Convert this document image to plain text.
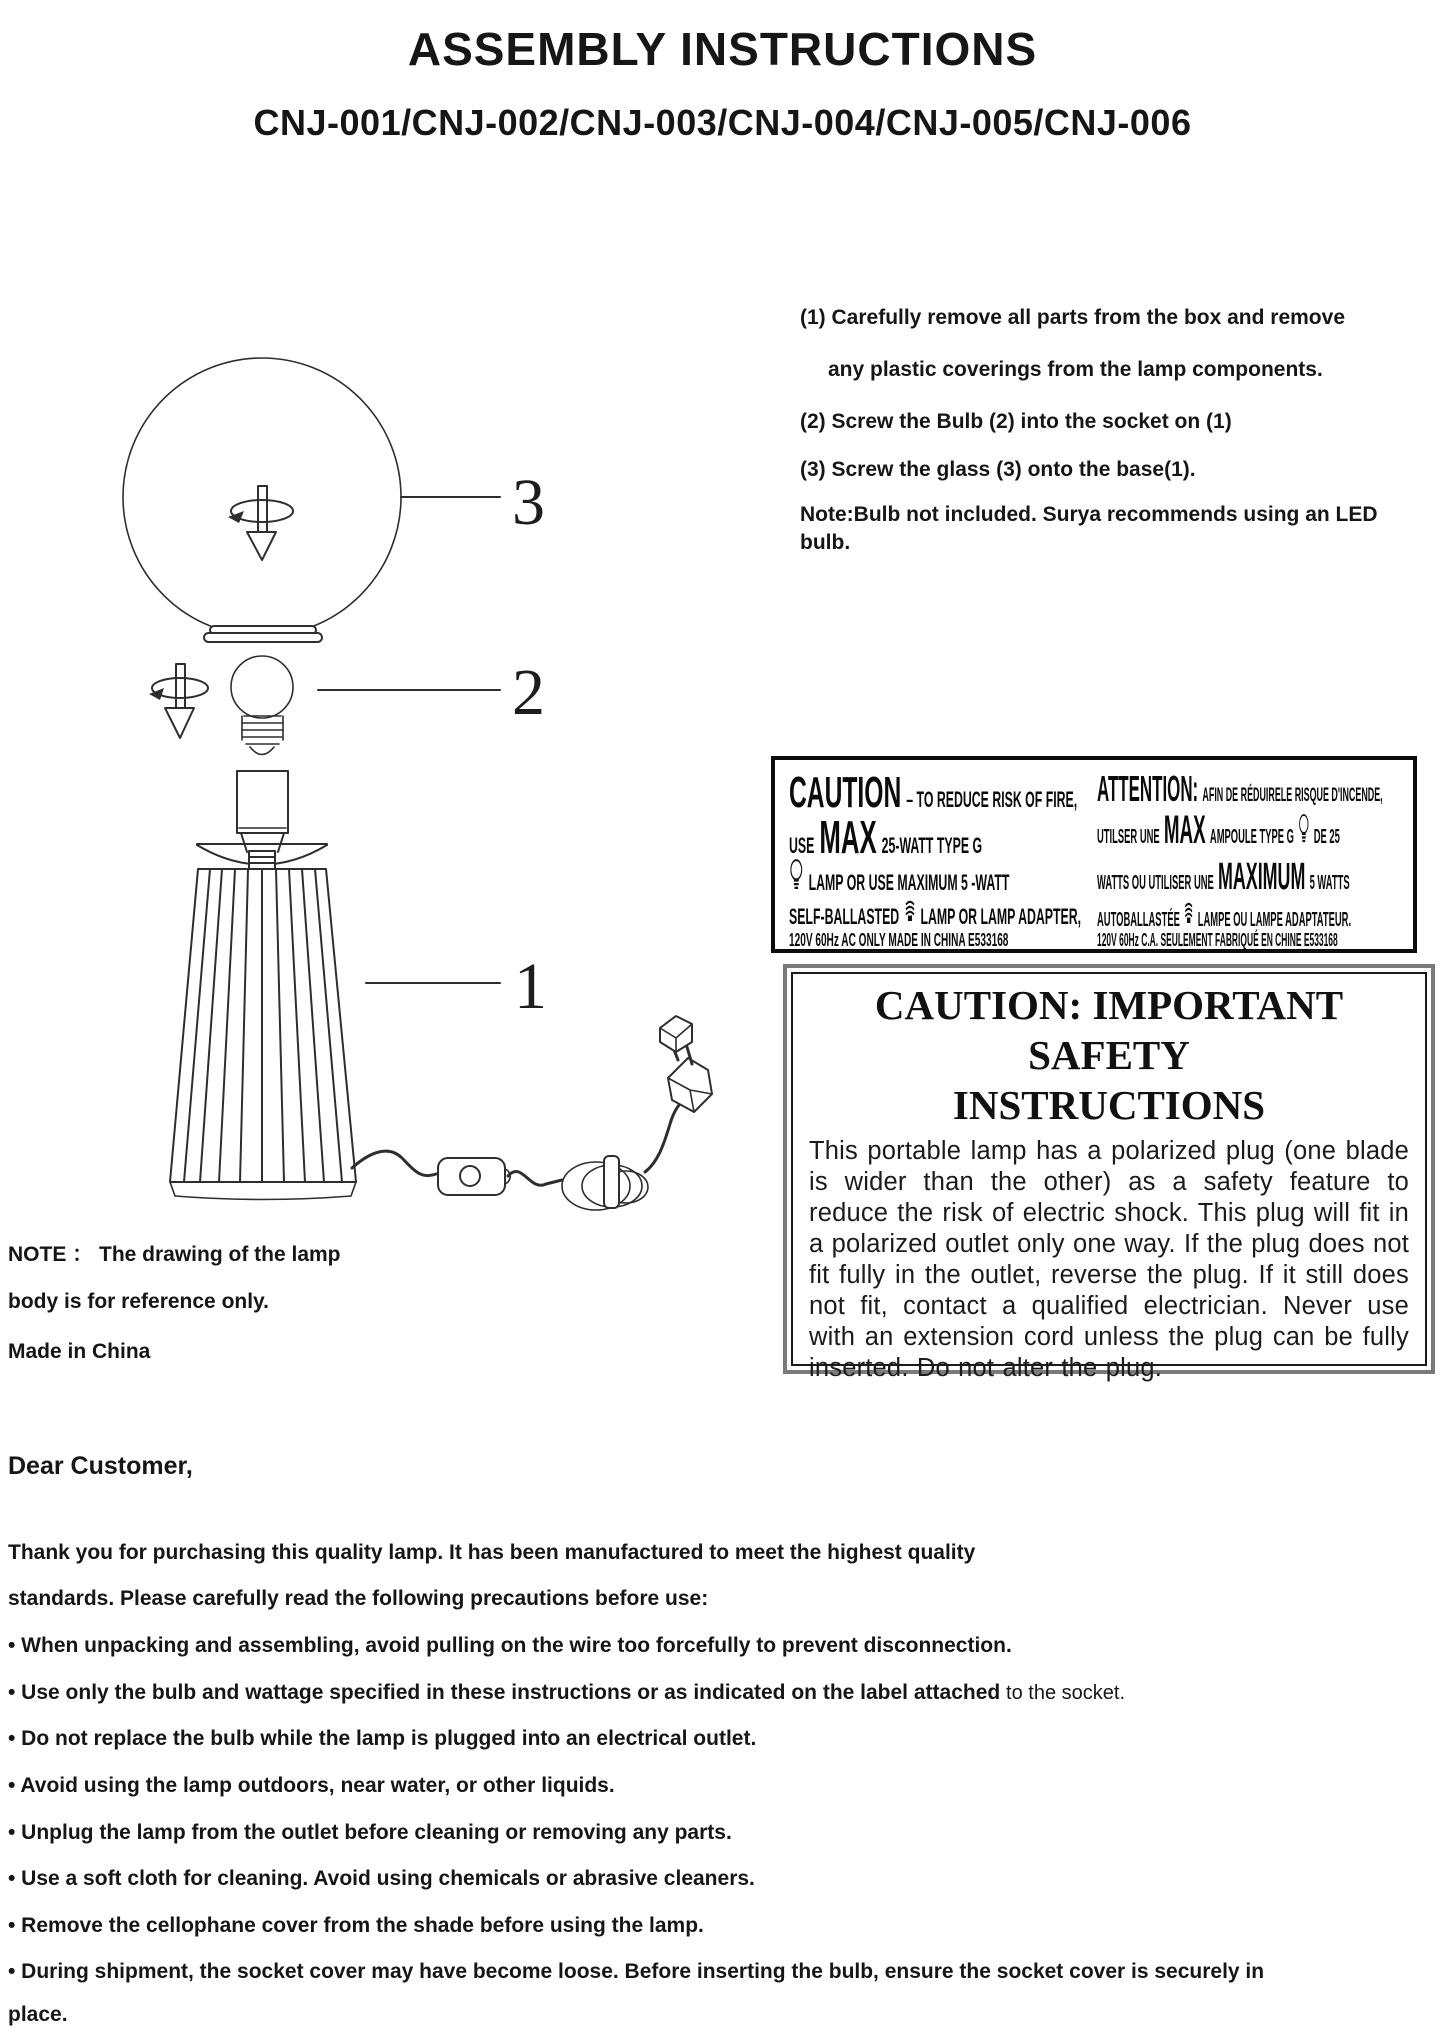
ASSEMBLY INSTRUCTIONS
CNJ-001/CNJ-002/CNJ-003/CNJ-004/CNJ-005/CNJ-006
(1) Carefully remove all parts from the box and remove
any plastic coverings from the lamp components.
(2) Screw the Bulb (2) into the socket on (1)
(3) Screw the glass (3) onto the base(1).
Note:Bulb not included. Surya recommends using an LED
bulb.
3
2
1
CAUTION – TO REDUCE RISK OF FIRE,
USE MAX 25-WATT TYPE G
LAMP OR USE MAXIMUM 5 -WATT
SELF-BALLASTED LAMP OR LAMP ADAPTER,
120V 60Hz AC ONLY MADE IN CHINA E533168
ATTENTION: AFIN DE RÉDUIRELE RISQUE D'INCENDE,
UTILSER UNE MAX AMPOULE TYPE G DE 25
WATTS OU UTILISER UNE MAXIMUM 5 WATTS
AUTOBALLASTÉE LAMPE OU LAMPE ADAPTATEUR.
120V 60Hz C.A. SEULEMENT FABRIQUÉ EN CHINE E533168
CAUTION: IMPORTANT SAFETY
INSTRUCTIONS
This portable lamp has a polarized plug (one blade is wider than the other) as a safety feature to reduce the risk of electric shock. This plug will fit in a polarized outlet only one way. If the plug does not fit fully in the outlet, reverse the plug. If it still does not fit, contact a qualified electrician. Never use with an extension cord unless the plug can be fully inserted. Do not alter the plug.
NOTE ： The drawing of the lamp
body is for reference only.
Made in China
Dear Customer,
Thank you for purchasing this quality lamp. It has been manufactured to meet the highest quality
standards. Please carefully read the following precautions before use:
• When unpacking and assembling, avoid pulling on the wire too forcefully to prevent disconnection.
• Use only the bulb and wattage specified in these instructions or as indicated on the label attached to the socket.
• Do not replace the bulb while the lamp is plugged into an electrical outlet.
• Avoid using the lamp outdoors, near water, or other liquids.
• Unplug the lamp from the outlet before cleaning or removing any parts.
• Use a soft cloth for cleaning. Avoid using chemicals or abrasive cleaners.
• Remove the cellophane cover from the shade before using the lamp.
• During shipment, the socket cover may have become loose. Before inserting the bulb, ensure the socket cover is securely in
place.
